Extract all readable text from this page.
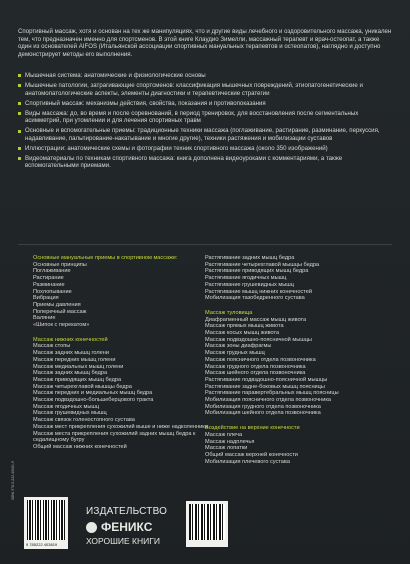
Спортивный массаж, хотя и основан на тех же манипуляциях, что и другие виды лечебного и оздоровительного массажа, уникален тем, что предназначен именно для спортсменов. В этой книге Клаудио Зимелли, массажный терапевт и врач-остеопат, а также один из основателей AIFOS (Итальянской ассоциации спортивных мануальных терапевтов и остеопатов), наглядно и доступно демонстрирует методы его выполнения.

Мышечная система: анатомические и физиологические основы
Мышечные патологии, затрагивающие спортсменов: классификация мышечных повреждений, этиопатогенетические и анатомопатологические аспекты, элементы диагностики и терапевтические стратегии
Спортивный массаж: механизмы действия, свойства, показания и противопоказания
Виды массажа: до, во время и после соревнований, в период тренировок, для восстановления после сегментальных асимметрий, при утомлении и для лечения спортивных травм
Основные и вспомогательные приемы: традиционные техники массажа (поглаживание, растирание, разминание, перкуссия, надавливание, пальпирование-накатывание и многие другие), техники растяжения и мобилизации суставов
Иллюстрации: анатомические схемы и фотографии техник спортивного массажа (около 350 изображений)
Видеоматериалы по техникам спортивного массажа: книга дополнена видеоуроками с комментариями, а также вспомогательными приемами.
Основные мануальные приемы в спортивном массаже:
Основные принципы
Поглаживание
Растирание
Разминание
Похлопывание
Вибрация
Приемы давления
Поперечный массаж
Валяние
«Шипок с перекатом»
Массаж нижних конечностей
Массаж стопы
Массаж задних мышц голени
Массаж передних мышц голени
Массаж медиальных мышц голени
Массаж задних мышц бедра
Массаж приводящих мышц бедра
Массаж четырехглавой мышцы бедра
Массаж передних и медиальных мышц бедра
Массаж подвздошно-большеберцового тракта
Массаж ягодичных мышц
Массаж грушевидных мышц
Массаж связок голеностопного сустава
Массаж мест прикрепления сухожилий выше и ниже надколенника
Массаж места прикрепления сухожилий задних мышц бедра к седалищному бугру
Общий массаж нижних конечностей
Растягивание задних мышц бедра
Растягивание четырехглавой мышцы бедра
Растягивание приводящих мышц бедра
Растягивание ягодичных мышц
Растягивание грушевидных мышц
Растягивание мышц нижних конечностей
Мобилизация тазобедренного сустава
Массаж туловища
Диафрагменный массаж мышц живота
Массаж прямых мышц живота
Массаж косых мышц живота
Массаж подвздошно-поясничной мышцы
Массаж зоны диафрагмы
Массаж грудных мышц
Массаж поясничного отдела позвоночника
Массаж грудного отдела позвоночника
Массаж шейного отдела позвоночника
Растягивание подвздошно-поясничной мышцы
Растягивание задне-боковых мышц поясницы
Растягивание паравертебральных мышц поясницы
Мобилизация поясничного отдела позвоночника
Мобилизация грудного отдела позвоночника
Мобилизация шейного отдела позвоночника
Воздействие на верхние конечности
Массаж плеча
Массаж надплечья
Массаж лопатки
Общий массаж верхней конечности
Мобилизация плечевого сустава
ISBN 978-5-222-40081-9
9 785222 403819
ИЗДАТЕЛЬСТВО
ФЕНИКС
ХОРОШИЕ КНИГИ
